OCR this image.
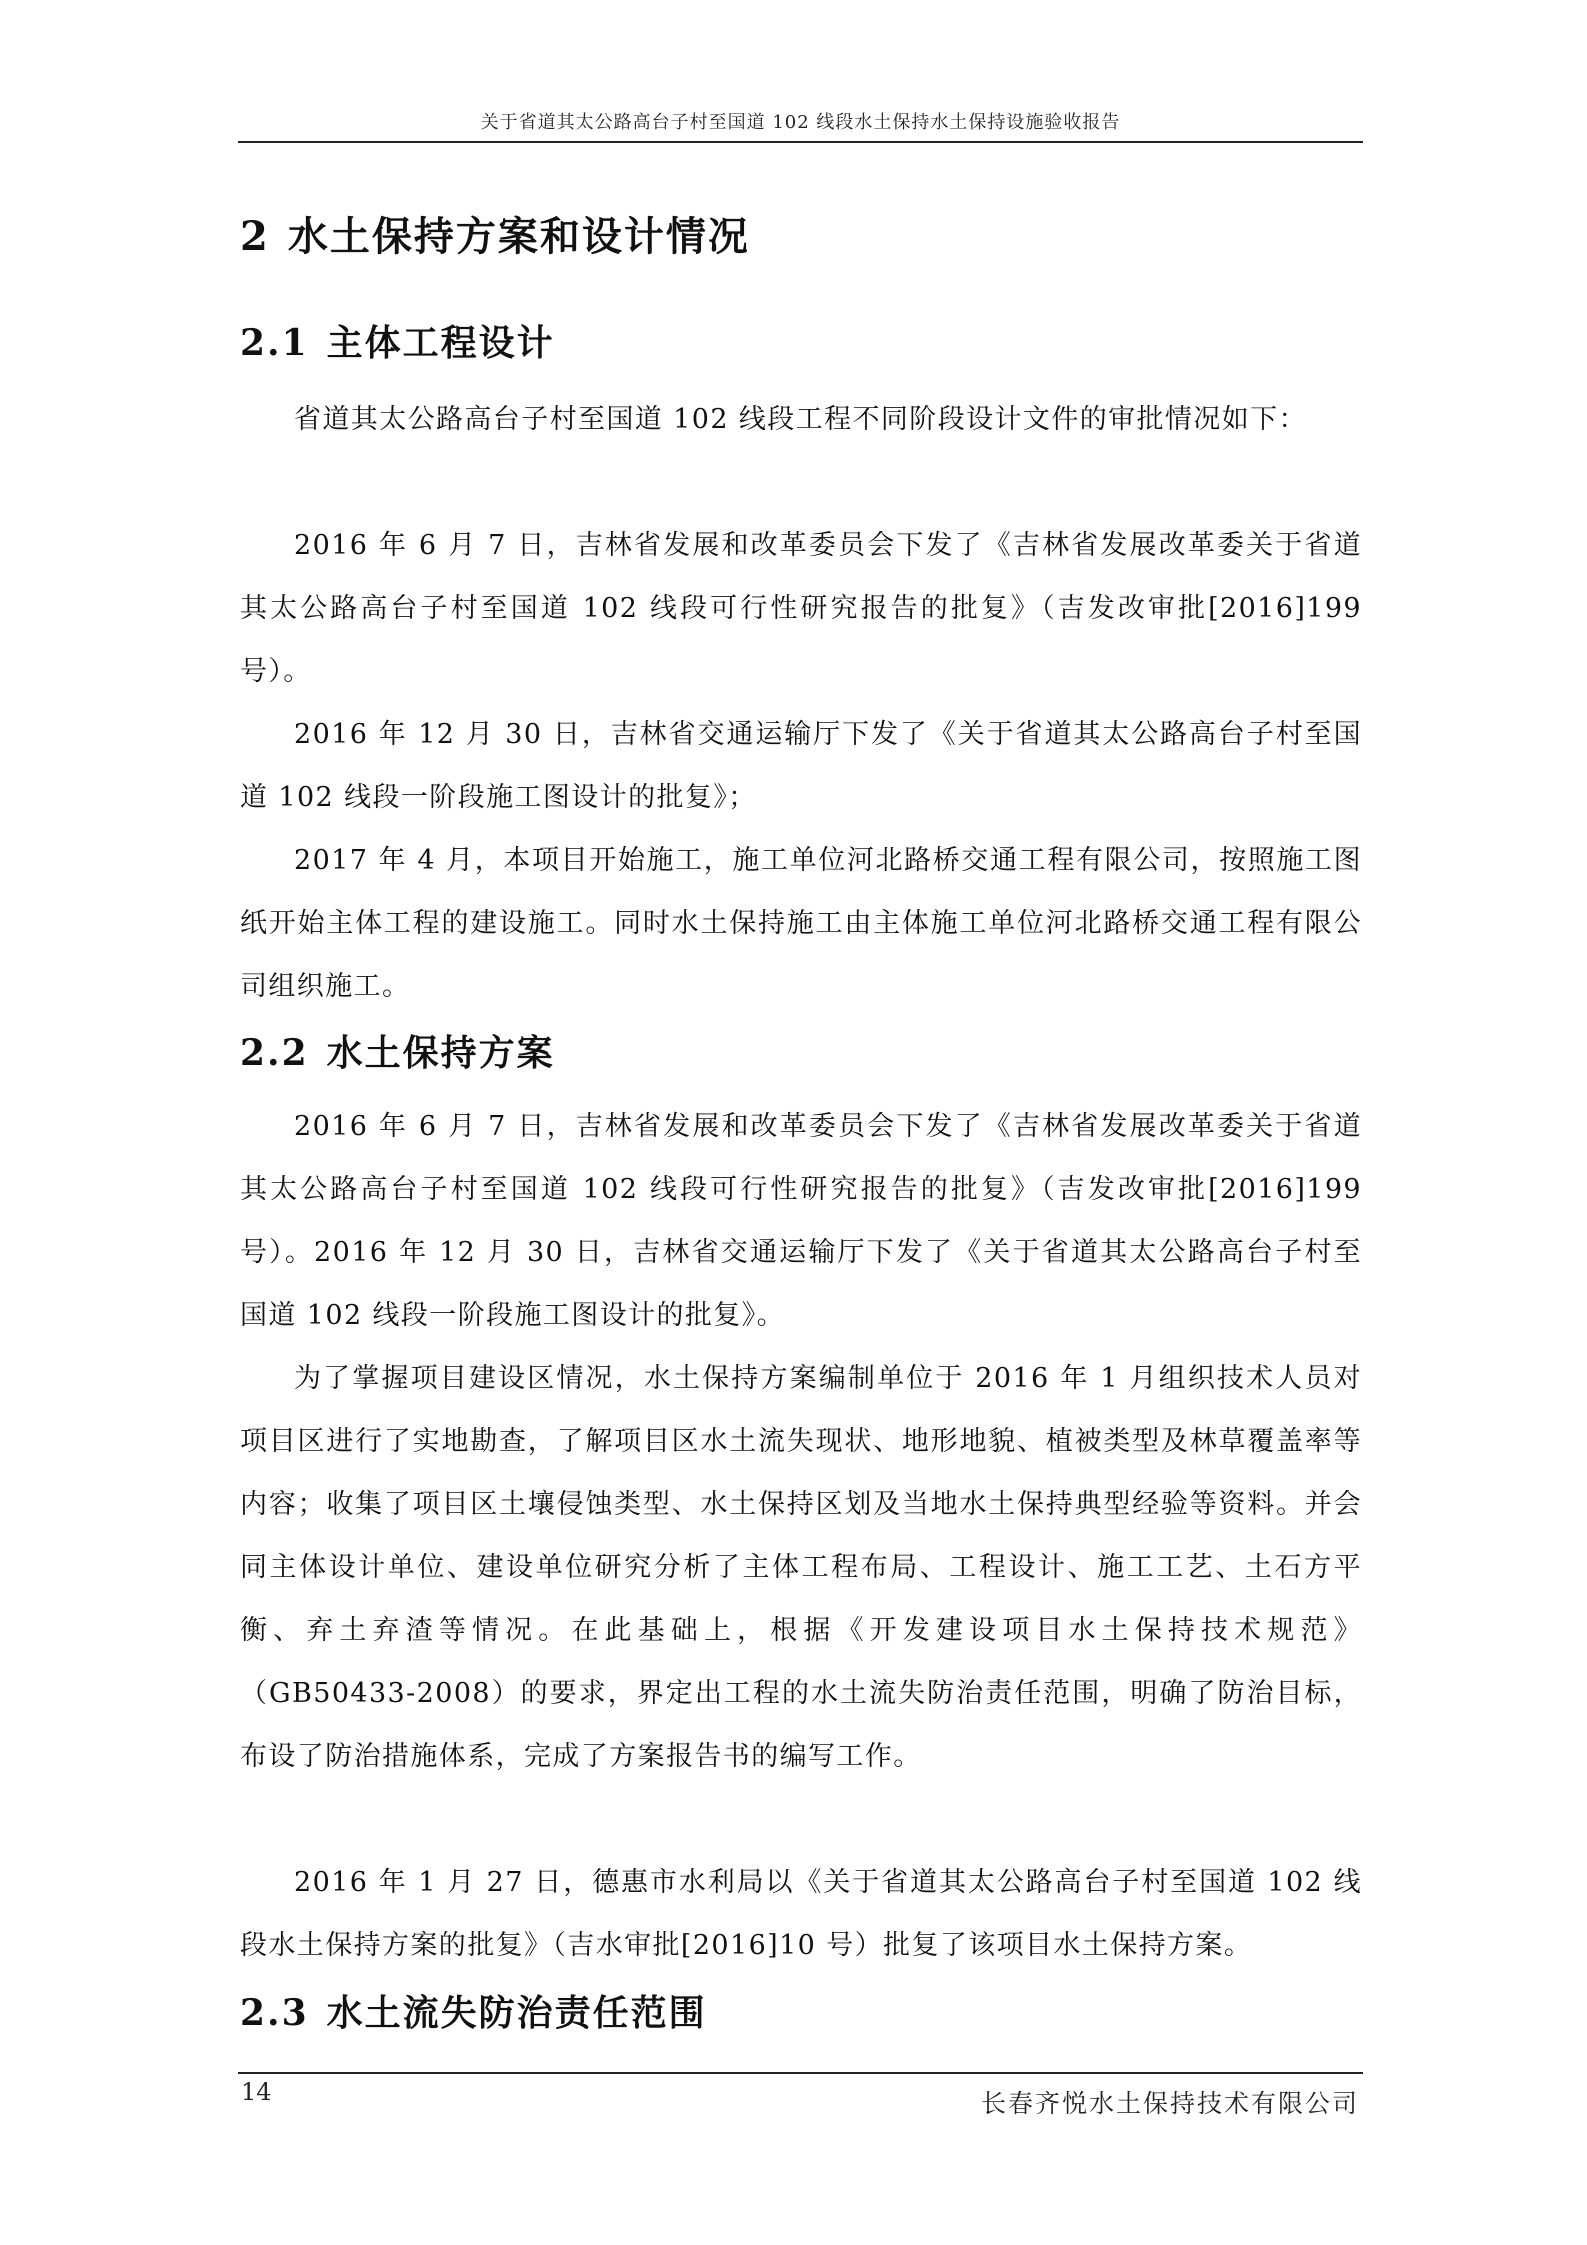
关于省道其太公路高台子村至国道 102 线段水土保持水土保持设施验收报告
2 水土保持方案和设计情况
2.1 主体工程设计

省道其太公路高台子村至国道 102 线段工程不同阶段设计文件的审批情况如下：

2016 年 6 月 7 日，吉林省发展和改革委员会下发了《吉林省发展改革委关于省道其太公路高台子村至国道 102 线段可行性研究报告的批复》（吉发改审批[2016]199 号）。

2016 年 12 月 30 日，吉林省交通运输厅下发了《关于省道其太公路高台子村至国道 102 线段一阶段施工图设计的批复》；

2017 年 4 月，本项目开始施工，施工单位河北路桥交通工程有限公司，按照施工图纸开始主体工程的建设施工。同时水土保持施工由主体施工单位河北路桥交通工程有限公司组织施工。

2.2 水土保持方案

2016 年 6 月 7 日，吉林省发展和改革委员会下发了《吉林省发展改革委关于省道其太公路高台子村至国道 102 线段可行性研究报告的批复》（吉发改审批[2016]199 号）。2016 年 12 月 30 日，吉林省交通运输厅下发了《关于省道其太公路高台子村至国道 102 线段一阶段施工图设计的批复》。

为了掌握项目建设区情况，水土保持方案编制单位于 2016 年 1 月组织技术人员对项目区进行了实地勘查，了解项目区水土流失现状、地形地貌、植被类型及林草覆盖率等内容；收集了项目区土壤侵蚀类型、水土保持区划及当地水土保持典型经验等资料。并会同主体设计单位、建设单位研究分析了主体工程布局、工程设计、施工工艺、土石方平衡、弃土弃渣等情况。在此基础上，根据《开发建设项目水土保持技术规范》（GB50433-2008）的要求，界定出工程的水土流失防治责任范围，明确了防治目标，布设了防治措施体系，完成了方案报告书的编写工作。

2016 年 1 月 27 日，德惠市水利局以《关于省道其太公路高台子村至国道 102 线段水土保持方案的批复》（吉水审批[2016]10 号）批复了该项目水土保持方案。

2.3 水土流失防治责任范围
14	长春齐悦水土保持技术有限公司
